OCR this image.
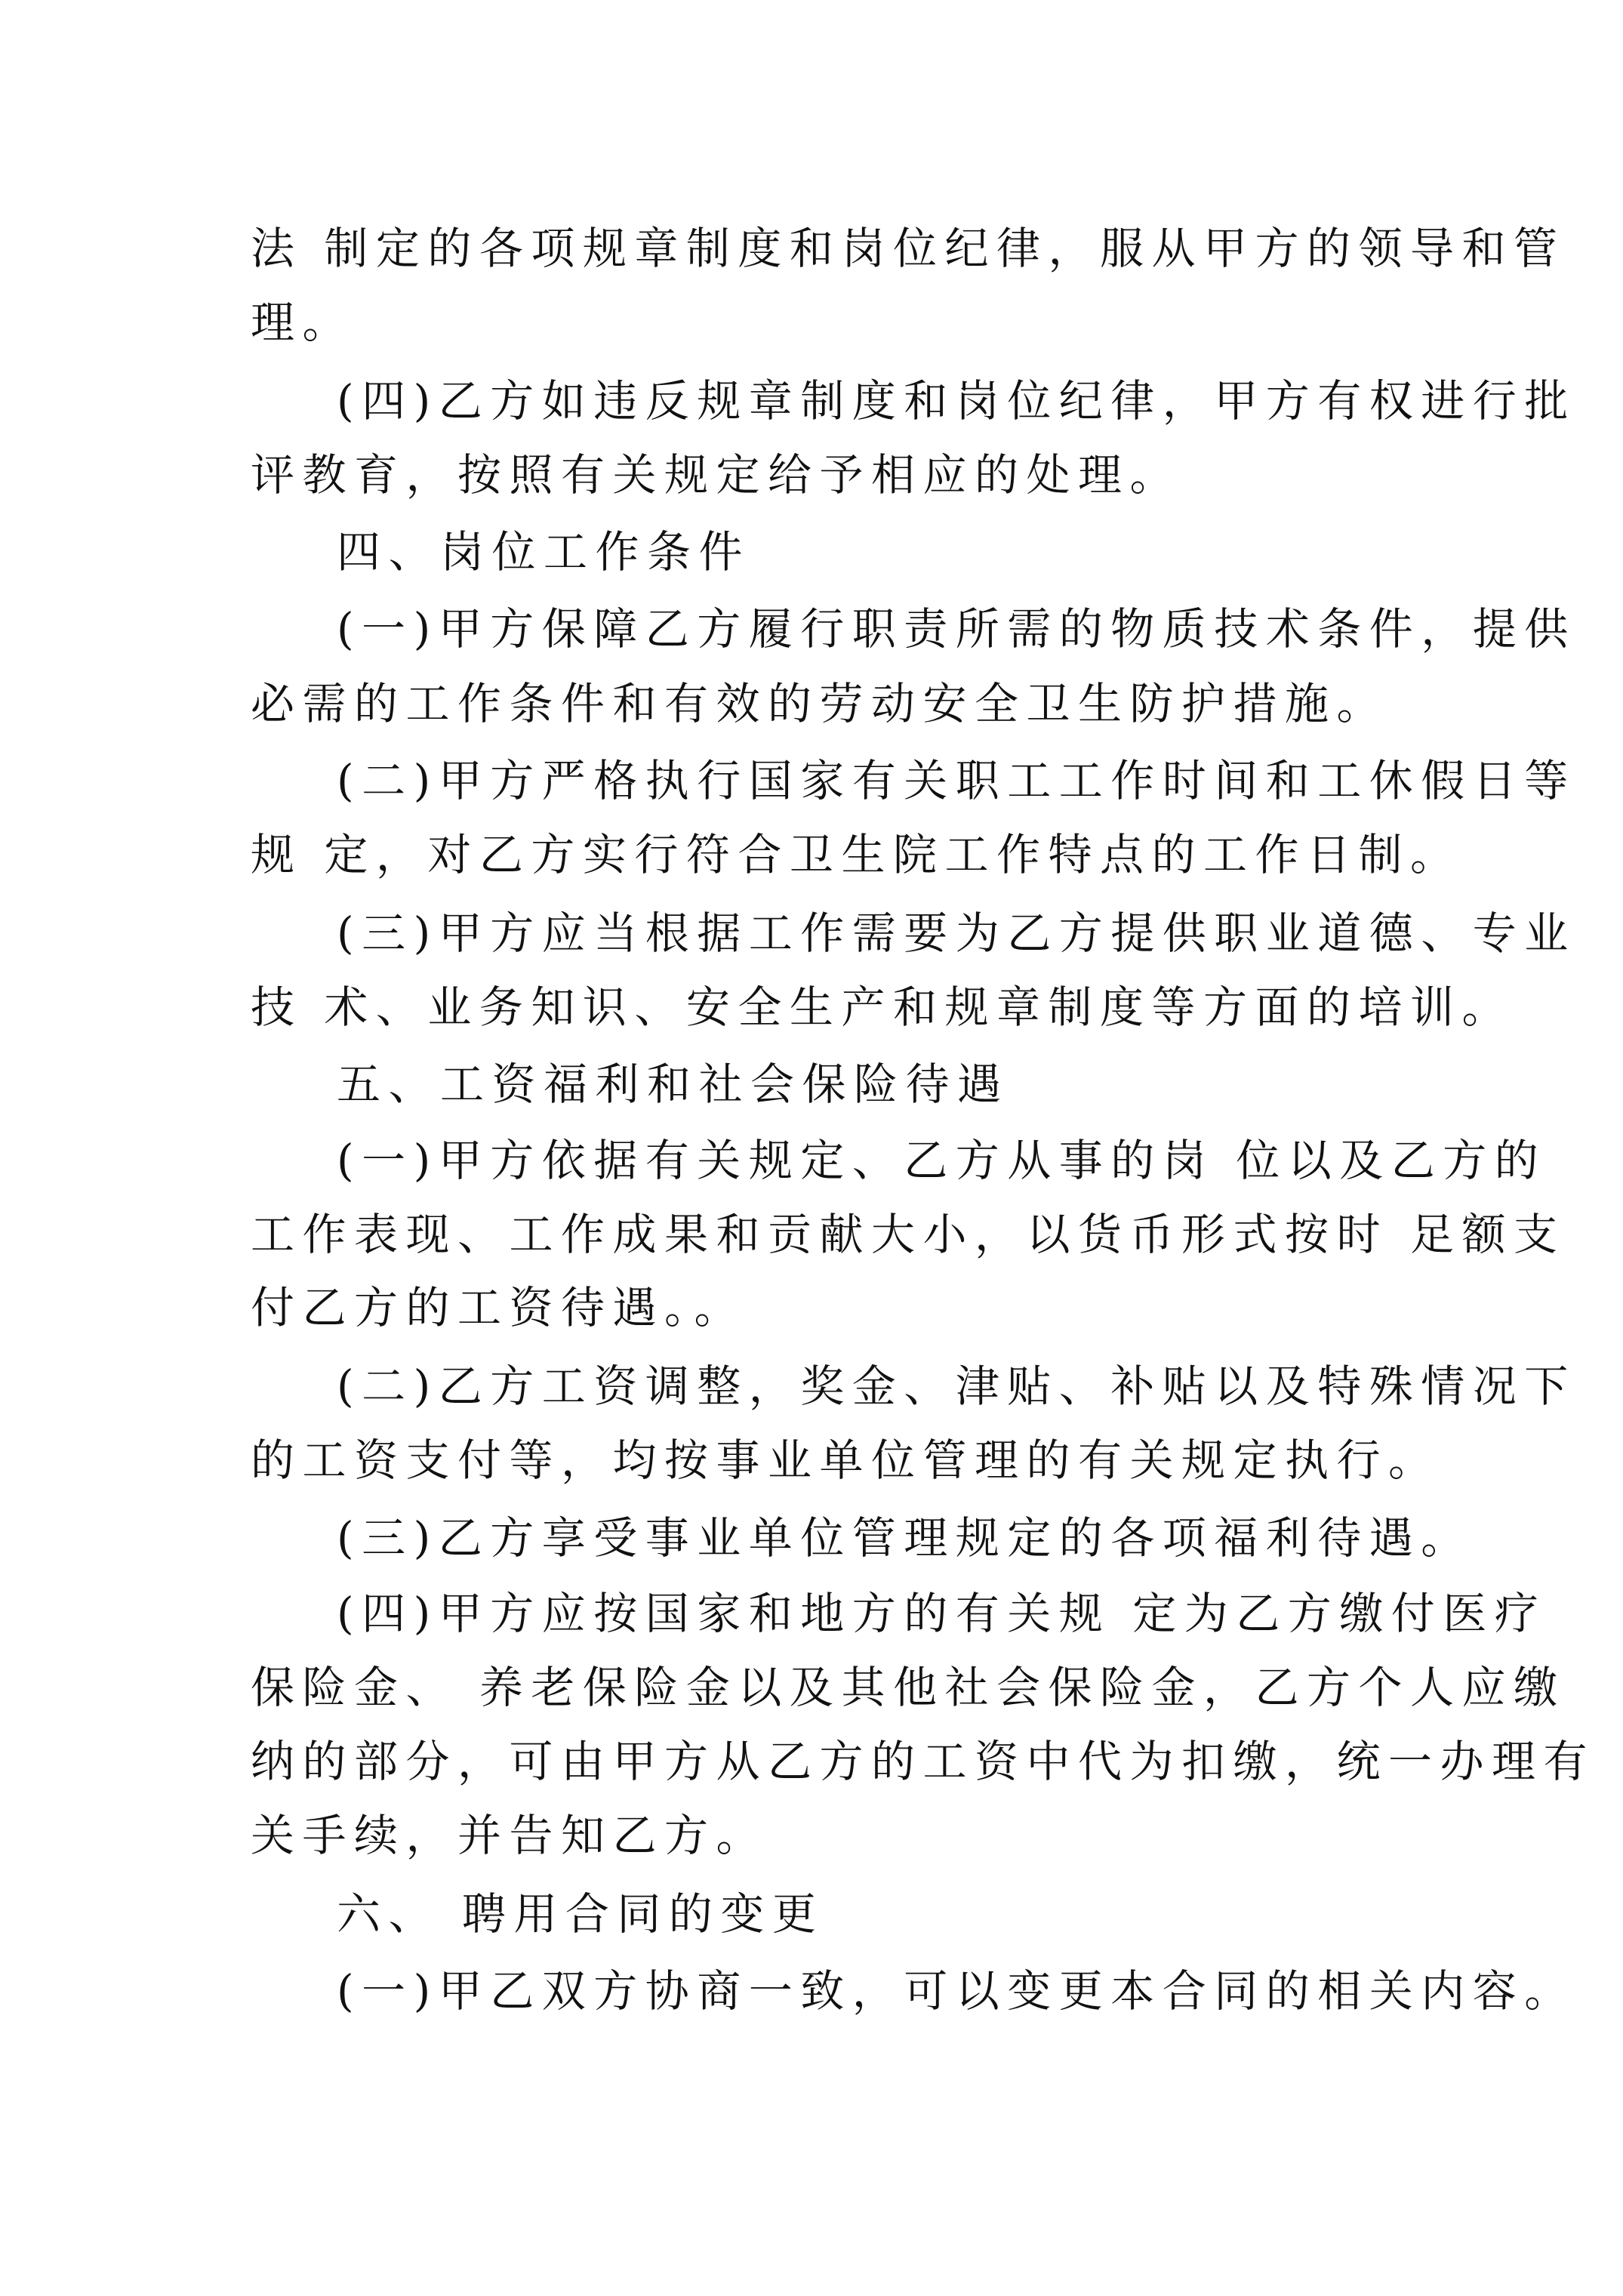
法 制定的各项规章制度和岗位纪律，服从甲方的领导和管
理。
(四)乙方如违反规章制度和岗位纪律，甲方有权进行批
评教育，按照有关规定给予相应的处理。
四、岗位工作条件
(一)甲方保障乙方履行职责所需的物质技术条件，提供
必需的工作条件和有效的劳动安全卫生防护措施。
(二)甲方严格执行国家有关职工工作时间和工休假日等
规 定，对乙方实行符合卫生院工作特点的工作日制。
(三)甲方应当根据工作需要为乙方提供职业道德、专业
技 术、业务知识、安全生产和规章制度等方面的培训。
五、工资福利和社会保险待遇
(一)甲方依据有关规定、乙方从事的岗 位以及乙方的
工作表现、工作成果和贡献大小，以货币形式按时 足额支
付乙方的工资待遇。。
(二)乙方工资调整，奖金、津贴、补贴以及特殊情况下
的工资支付等，均按事业单位管理的有关规定执行。
(三)乙方享受事业单位管理规定的各项福利待遇。
(四)甲方应按国家和地方的有关规 定为乙方缴付医疗
保险金、 养老保险金以及其他社会保险金，乙方个人应缴
纳的部分，可由甲方从乙方的工资中代为扣缴，统一办理有
关手续，并告知乙方。
六、 聘用合同的变更
(一)甲乙双方协商一致，可以变更本合同的相关内容。
